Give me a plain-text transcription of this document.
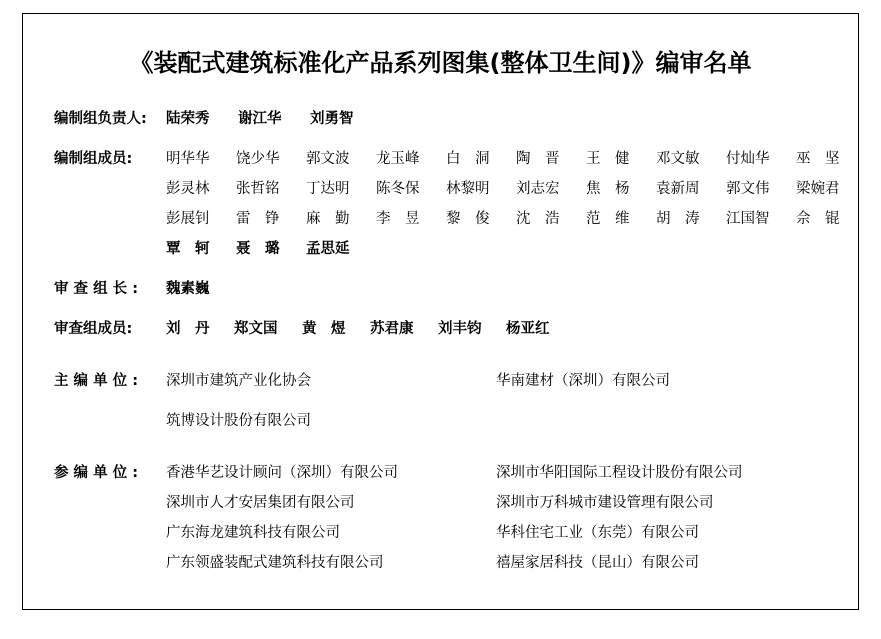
《装配式建筑标准化产品系列图集(整体卫生间)》编审名单
编制组负责人:	陆荣秀	谢江华	刘勇智
编制组成员:	明华华	饶少华	郭文波	龙玉峰	白　洞	陶　晋	王　健	邓文敏	付灿华	巫　坚
彭灵林	张哲铭	丁达明	陈冬保	林黎明	刘志宏	焦　杨	袁新周	郭文伟	梁婉君
彭展钊	雷　铮	麻　勤	李　昱	黎　俊	沈　浩	范　维	胡　涛	江国智	佘　锟
覃　轲	聂　璐	孟思延
审 查 组 长 :	魏素巍
审查组成员:	刘　丹	郑文国	黄　煜	苏君康	刘丰钧	杨亚红
主 编 单 位 :	深圳市建筑产业化协会	华南建材（深圳）有限公司
筑博设计股份有限公司
参 编 单 位 :	香港华艺设计顾问（深圳）有限公司	深圳市华阳国际工程设计股份有限公司
深圳市人才安居集团有限公司	深圳市万科城市建设管理有限公司
广东海龙建筑科技有限公司	华科住宅工业（东莞）有限公司
广东领盛装配式建筑科技有限公司	禧屋家居科技（昆山）有限公司
